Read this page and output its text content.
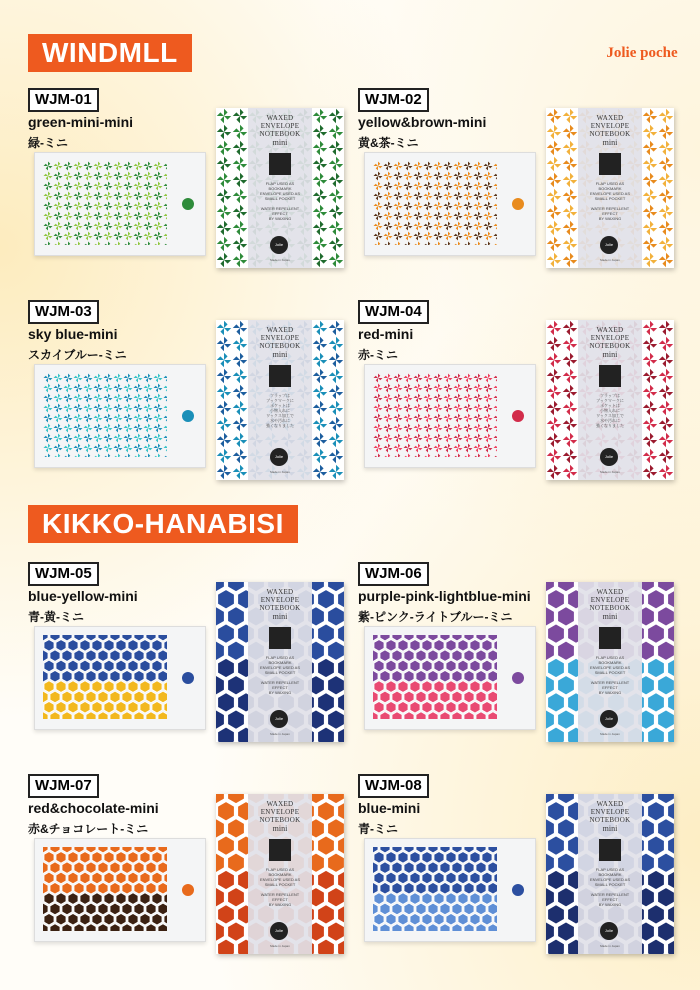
WINDMLL
KIKKO-HANABISI
Jolie poche
WJM-01
green-mini-mini
緑-ミニ
WAXED
ENVELOPE
NOTEBOOK
mini
FLAP USED AS
BOOKMARK
ENVELOPE USED AS
SMALL POCKET

WATER REPELLENT
EFFECT
BY WAXING
Jolie
Made in Japan
WJM-02
yellow&brown-mini
黄&茶-ミニ
WAXED
ENVELOPE
NOTEBOOK
mini
FLAP USED AS
BOOKMARK
ENVELOPE USED AS
SMALL POCKET

WATER REPELLENT
EFFECT
BY WAXING
Jolie
Made in Japan
WJM-03
sky blue-mini
スカイブルー-ミニ
WAXED
ENVELOPE
NOTEBOOK
mini
フラップは
ブックマークに
ポケットは
小物入れに
ワックス加工で
水や汚れに
強くなりました
Jolie
Made in Japan
WJM-04
red-mini
赤-ミニ
WAXED
ENVELOPE
NOTEBOOK
mini
フラップは
ブックマークに
ポケットは
小物入れに
ワックス加工で
水や汚れに
強くなりました
Jolie
Made in Japan
WJM-05
blue-yellow-mini
青-黄-ミニ
WAXED
ENVELOPE
NOTEBOOK
mini
FLAP USED AS
BOOKMARK
ENVELOPE USED AS
SMALL POCKET

WATER REPELLENT
EFFECT
BY WAXING
Jolie
Made in Japan
WJM-06
purple-pink-lightblue-mini
紫-ピンク-ライトブルー-ミニ
WAXED
ENVELOPE
NOTEBOOK
mini
FLAP USED AS
BOOKMARK
ENVELOPE USED AS
SMALL POCKET

WATER REPELLENT
EFFECT
BY WAXING
Jolie
Made in Japan
WJM-07
red&chocolate-mini
赤&チョコレート-ミニ
WAXED
ENVELOPE
NOTEBOOK
mini
FLAP USED AS
BOOKMARK
ENVELOPE USED AS
SMALL POCKET

WATER REPELLENT
EFFECT
BY WAXING
Jolie
Made in Japan
WJM-08
blue-mini
青-ミニ
WAXED
ENVELOPE
NOTEBOOK
mini
FLAP USED AS
BOOKMARK
ENVELOPE USED AS
SMALL POCKET

WATER REPELLENT
EFFECT
BY WAXING
Jolie
Made in Japan
